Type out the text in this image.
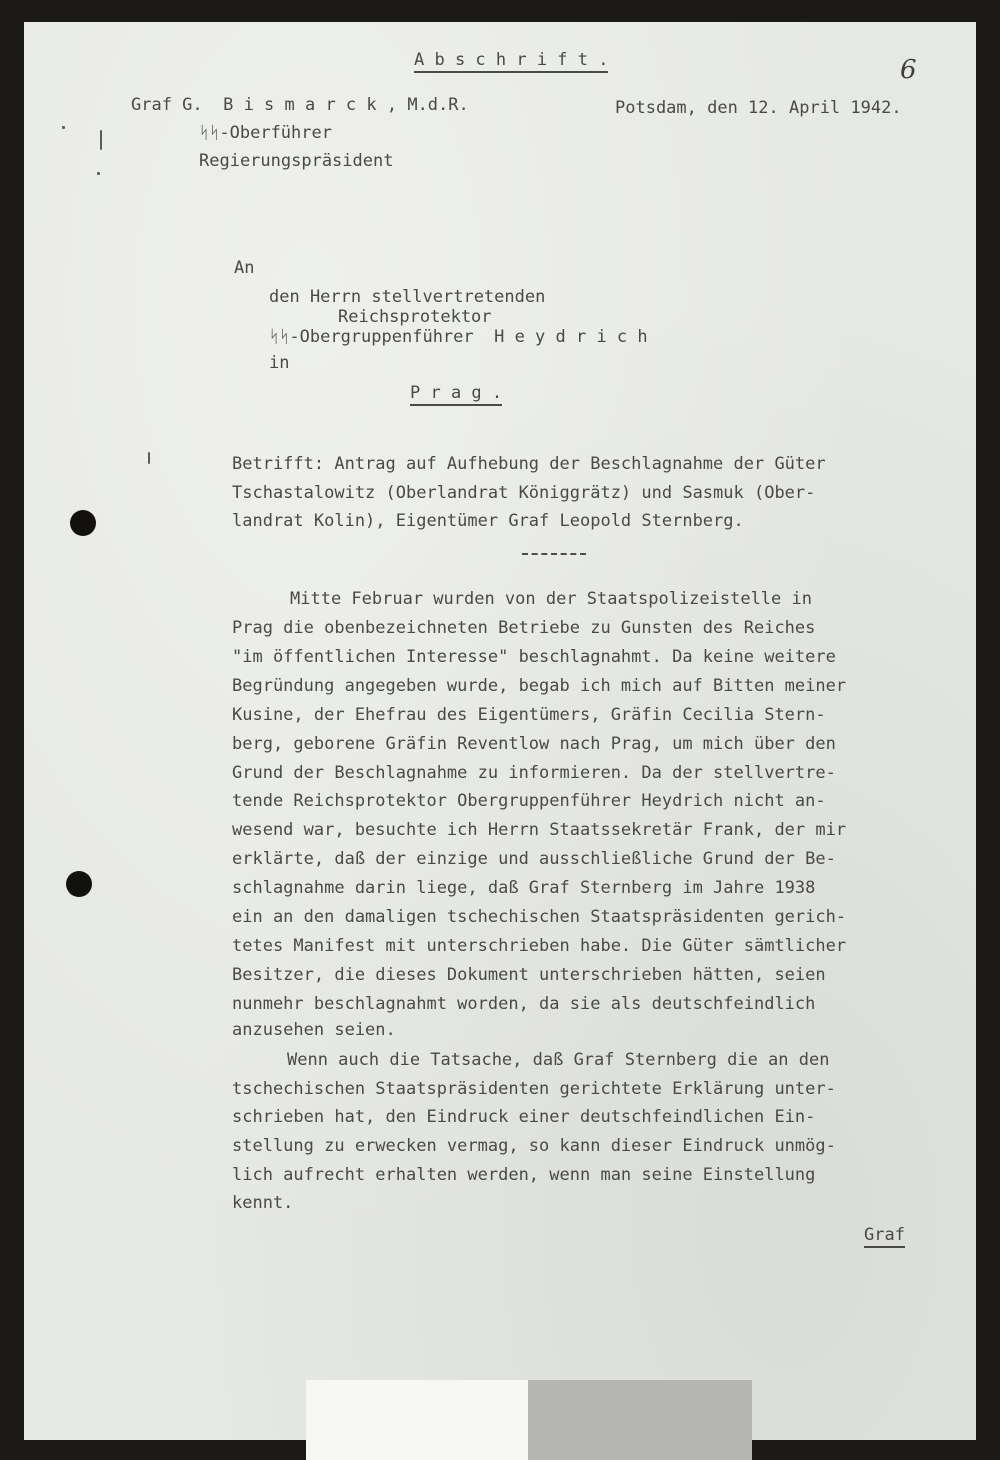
A b s c h r i f t .	6
Graf G.  B i s m a r c k , M.d.R.	Potsdam, den 12. April 1942.
ᛋᛋ-Oberführer
Regierungspräsident
An
den Herrn stellvertretenden
Reichsprotektor
ᛋᛋ-Obergruppenführer  H e y d r i c h
in
P r a g .
Betrifft: Antrag auf Aufhebung der Beschlagnahme der Güter
Tschastalowitz (Oberlandrat Königgrätz) und Sasmuk (Ober-
landrat Kolin), Eigentümer Graf Leopold Sternberg.
Mitte Februar wurden von der Staatspolizeistelle in
Prag die obenbezeichneten Betriebe zu Gunsten des Reiches
"im öffentlichen Interesse" beschlagnahmt. Da keine weitere
Begründung angegeben wurde, begab ich mich auf Bitten meiner
Kusine, der Ehefrau des Eigentümers, Gräfin Cecilia Stern-
berg, geborene Gräfin Reventlow nach Prag, um mich über den
Grund der Beschlagnahme zu informieren. Da der stellvertre-
tende Reichsprotektor Obergruppenführer Heydrich nicht an-
wesend war, besuchte ich Herrn Staatssekretär Frank, der mir
erklärte, daß der einzige und ausschließliche Grund der Be-
schlagnahme darin liege, daß Graf Sternberg im Jahre 1938
ein an den damaligen tschechischen Staatspräsidenten gerich-
tetes Manifest mit unterschrieben habe. Die Güter sämtlicher
Besitzer, die dieses Dokument unterschrieben hätten, seien
nunmehr beschlagnahmt worden, da sie als deutschfeindlich
anzusehen seien.
Wenn auch die Tatsache, daß Graf Sternberg die an den
tschechischen Staatspräsidenten gerichtete Erklärung unter-
schrieben hat, den Eindruck einer deutschfeindlichen Ein-
stellung zu erwecken vermag, so kann dieser Eindruck unmög-
lich aufrecht erhalten werden, wenn man seine Einstellung
kennt.
Graf
